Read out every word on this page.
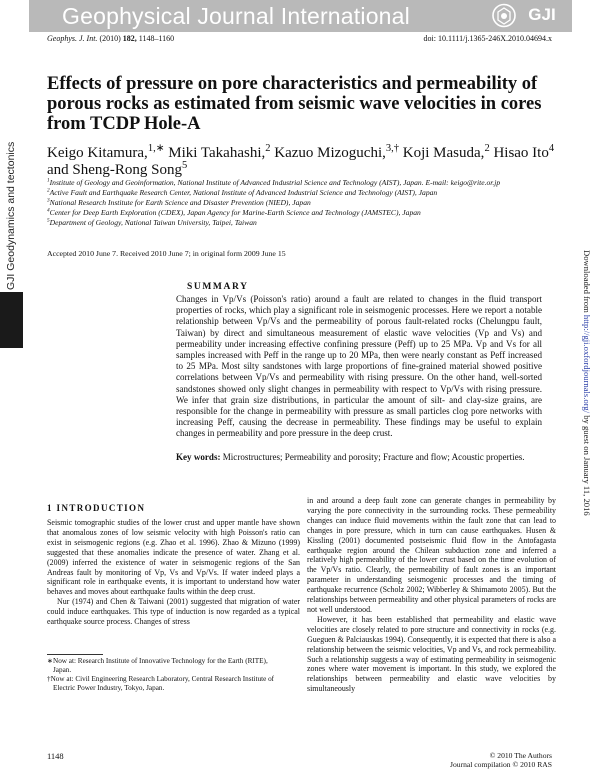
Geophysical Journal International	GJI
Geophys. J. Int. (2010) 182, 1148–1160	doi: 10.1111/j.1365-246X.2010.04694.x
GJI Geodynamics and tectonics	Downloaded from http://gji.oxfordjournals.org/ by guest on January 11, 2016
Effects of pressure on pore characteristics and permeability of porous rocks as estimated from seismic wave velocities in cores from TCDP Hole-A
Keigo Kitamura,$^{1,∗}$ Miki Takahashi,$^2$ Kazuo Mizoguchi,$^{3,\dagger}$ Koji Masuda,$^2$ Hisao Ito$^4$ and Sheng-Rong Song$^5$
$^1$Institute of Geology and Geoinformation, National Institute of Advanced Industrial Science and Technology (AIST), Japan. E-mail: keigo@rite.or.jp
$^2$Active Fault and Earthquake Research Center, National Institute of Advanced Industrial Science and Technology (AIST), Japan
$^3$National Research Institute for Earth Science and Disaster Prevention (NIED), Japan
$^4$Center for Deep Earth Exploration (CDEX), Japan Agency for Marine-Earth Science and Technology (JAMSTEC), Japan
$^5$Department of Geology, National Taiwan University, Taipei, Taiwan
Accepted 2010 June 7. Received 2010 June 7; in original form 2009 June 15
SUMMARY

Changes in Vp/Vs (Poisson's ratio) around a fault are related to changes in the fluid transport properties of rocks, which play a significant role in seismogenic processes. Here we report a notable relationship between Vp/Vs and the permeability of porous fault-related rocks (Chelungpu fault, Taiwan) by direct and simultaneous measurement of elastic wave velocities (Vp and Vs) and permeability under increasing effective confining pressure (Peff) up to 25 MPa. Vp and Vs for all samples increased with Peff in the range up to 20 MPa, then were nearly constant as Peff increased to 25 MPa. Most silty sandstones with large proportions of fine-grained material showed positive correlations between Vp/Vs and permeability with rising pressure. On the other hand, well-sorted sandstones showed only slight changes in permeability with respect to Vp/Vs with rising pressure. We infer that grain size distributions, in particular the amount of silt- and clay-size grains, are responsible for the change in permeability with pressure as small particles clog pore networks with increasing Peff, causing the decrease in permeability. These findings may be useful to explain changes in permeability and pore pressure in the deep crust.

Key words: Microstructures; Permeability and porosity; Fracture and flow; Acoustic properties.

1 INTRODUCTION

Seismic tomographic studies of the lower crust and upper mantle have shown that anomalous zones of low seismic velocity with high Poisson's ratio can exist in seismogenic regions (e.g. Zhao et al. 1996). Zhao & Mizuno (1999) suggested that these anomalies indicate the presence of water. Zhang et al. (2009) inferred the existence of water in seismogenic regions of the San Andreas fault by monitoring of Vp, Vs and Vp/Vs. If water indeed plays a significant role in earthquake events, it is important to understand how water behaves and moves about earthquake faults within the deep crust.

Nur (1974) and Chen & Taiwani (2001) suggested that migration of water could induce earthquakes. This type of induction is now regarded as a typical earthquake source process. Changes of stress

in and around a deep fault zone can generate changes in permeability by varying the pore connectivity in the surrounding rocks. These permeability changes can induce fluid movements within the fault zone that can lead to changes in pore pressure, which in turn can cause earthquakes. Husen & Kissling (2001) documented postseismic fluid flow in the Antofagasta earthquake region around the Chilean subduction zone and inferred a relatively high permeability of the lower crust based on the time evolution of the Vp/Vs ratio. Clearly, the permeability of fault zones is an important parameter in understanding seismogenic processes and the timing of earthquake recurrence (Scholz 2002; Wibberley & Shimamoto 2005). But the relationships between permeability and other physical parameters of rocks are not well understood.

However, it has been established that permeability and elastic wave velocities are closely related to pore structure and connectivity in rocks (e.g. Gueguen & Palciauskas 1994). Consequently, it is expected that there is also a relationship between the seismic velocities, Vp and Vs, and rock permeability. Such a relationship suggests a way of estimating permeability in seismogenic zones where water movement is important. In this study, we explored the relationships between permeability and elastic wave velocities by simultaneously

∗Now at: Research Institute of Innovative Technology for the Earth (RITE), Japan.
†Now at: Civil Engineering Research Laboratory, Central Research Institute of Electric Power Industry, Tokyo, Japan.
1148	© 2010 The Authors
Journal compilation © 2010 RAS
